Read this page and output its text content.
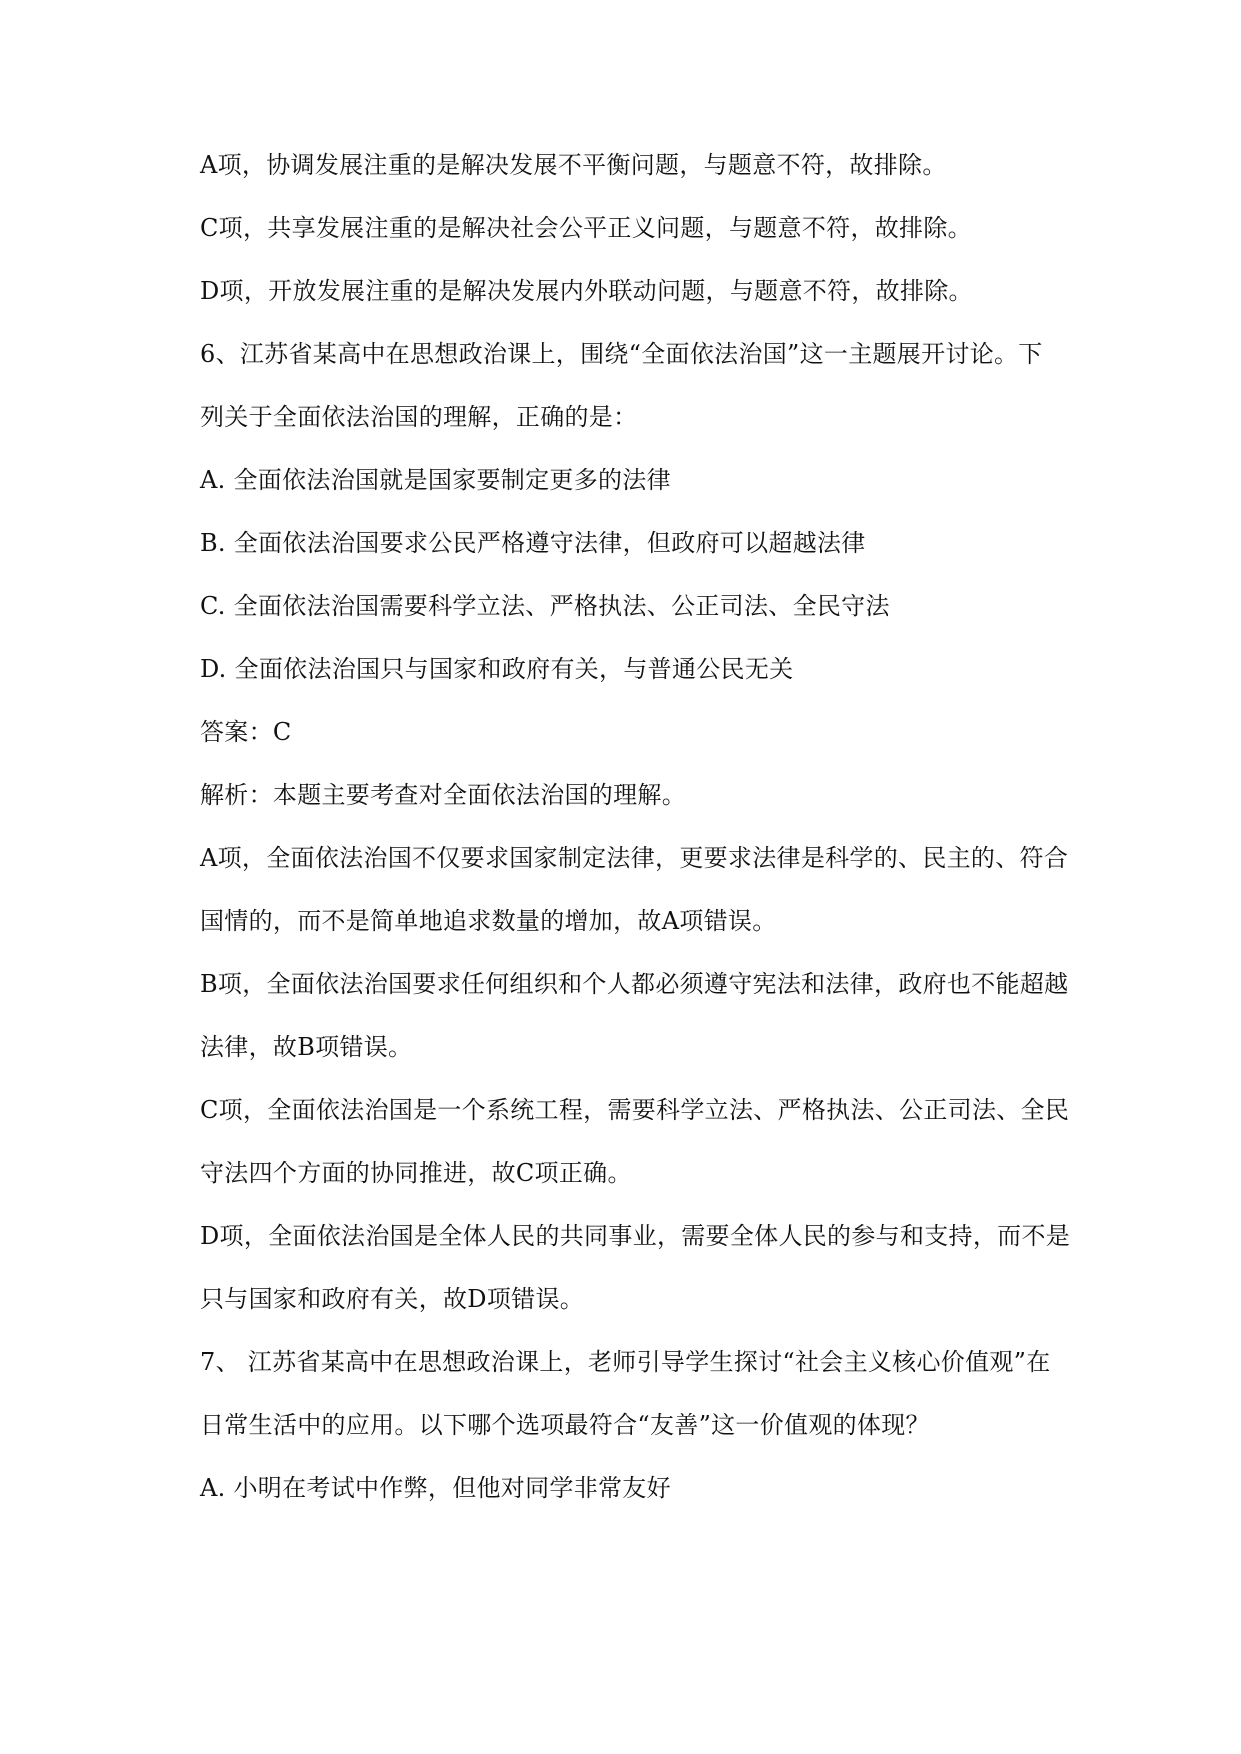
A项，协调发展注重的是解决发展不平衡问题，与题意不符，故排除。
C项，共享发展注重的是解决社会公平正义问题，与题意不符，故排除。
D项，开放发展注重的是解决发展内外联动问题，与题意不符，故排除。
6、江苏省某高中在思想政治课上，围绕“全面依法治国”这一主题展开讨论。下
列关于全面依法治国的理解，正确的是：
A. 全面依法治国就是国家要制定更多的法律
B. 全面依法治国要求公民严格遵守法律，但政府可以超越法律
C. 全面依法治国需要科学立法、严格执法、公正司法、全民守法
D. 全面依法治国只与国家和政府有关，与普通公民无关
答案：C
解析：本题主要考查对全面依法治国的理解。
A项，全面依法治国不仅要求国家制定法律，更要求法律是科学的、民主的、符合
国情的，而不是简单地追求数量的增加，故A项错误。
B项，全面依法治国要求任何组织和个人都必须遵守宪法和法律，政府也不能超越
法律，故B项错误。
C项，全面依法治国是一个系统工程，需要科学立法、严格执法、公正司法、全民
守法四个方面的协同推进，故C项正确。
D项，全面依法治国是全体人民的共同事业，需要全体人民的参与和支持，而不是
只与国家和政府有关，故D项错误。
7、 江苏省某高中在思想政治课上，老师引导学生探讨“社会主义核心价值观”在
日常生活中的应用。以下哪个选项最符合“友善”这一价值观的体现？
A. 小明在考试中作弊，但他对同学非常友好
